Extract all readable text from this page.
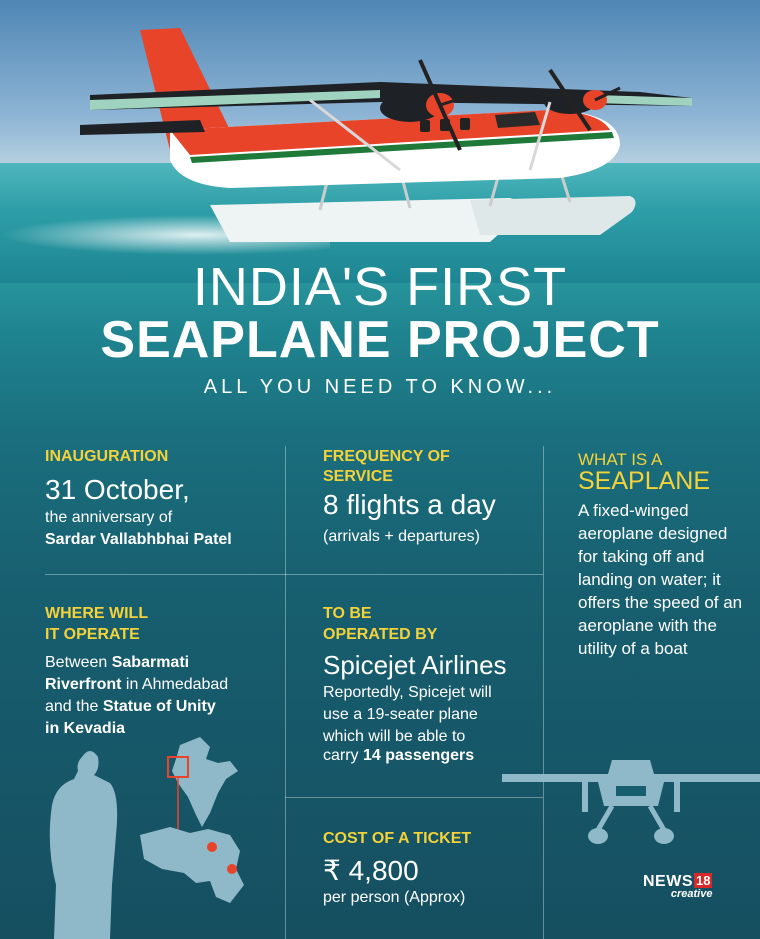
INDIA'S FIRST
SEAPLANE PROJECT
ALL YOU NEED TO KNOW...
INAUGURATION
31 October,
the anniversary of
Sardar Vallabhbhai Patel
FREQUENCY OF
SERVICE
8 flights a day
(arrivals + departures)
WHAT IS A
SEAPLANE
A fixed-winged aeroplane designed for taking off and landing on water; it offers the speed of an aeroplane with the utility of a boat
WHERE WILL
IT OPERATE
Between Sabarmati
Riverfront in Ahmedabad
and the Statue of Unity
in Kevadia
TO BE
OPERATED BY
Spicejet Airlines
Reportedly, Spicejet will
use a 19-seater plane
which will be able to
carry 14 passengers
COST OF A TICKET
₹ 4,800
per person (Approx)
NEWS 18
creative
